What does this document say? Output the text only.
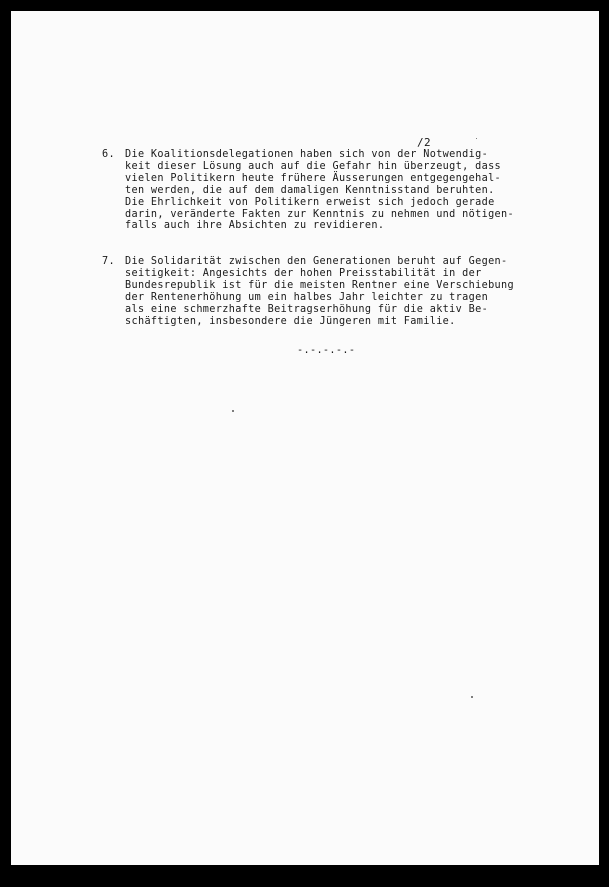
/2
6. Die Koalitionsdelegationen haben sich von der Notwendig-
keit dieser Lösung auch auf die Gefahr hin überzeugt, dass
vielen Politikern heute frühere Äusserungen entgegengehal-
ten werden, die auf dem damaligen Kenntnisstand beruhten.
Die Ehrlichkeit von Politikern erweist sich jedoch gerade
darin, veränderte Fakten zur Kenntnis zu nehmen und nötigen-
falls auch ihre Absichten zu revidieren.
7. Die Solidarität zwischen den Generationen beruht auf Gegen-
seitigkeit: Angesichts der hohen Preisstabilität in der
Bundesrepublik ist für die meisten Rentner eine Verschiebung
der Rentenerhöhung um ein halbes Jahr leichter zu tragen
als eine schmerzhafte Beitragserhöhung für die aktiv Be-
schäftigten, insbesondere die Jüngeren mit Familie.
-.-.-.-.-
